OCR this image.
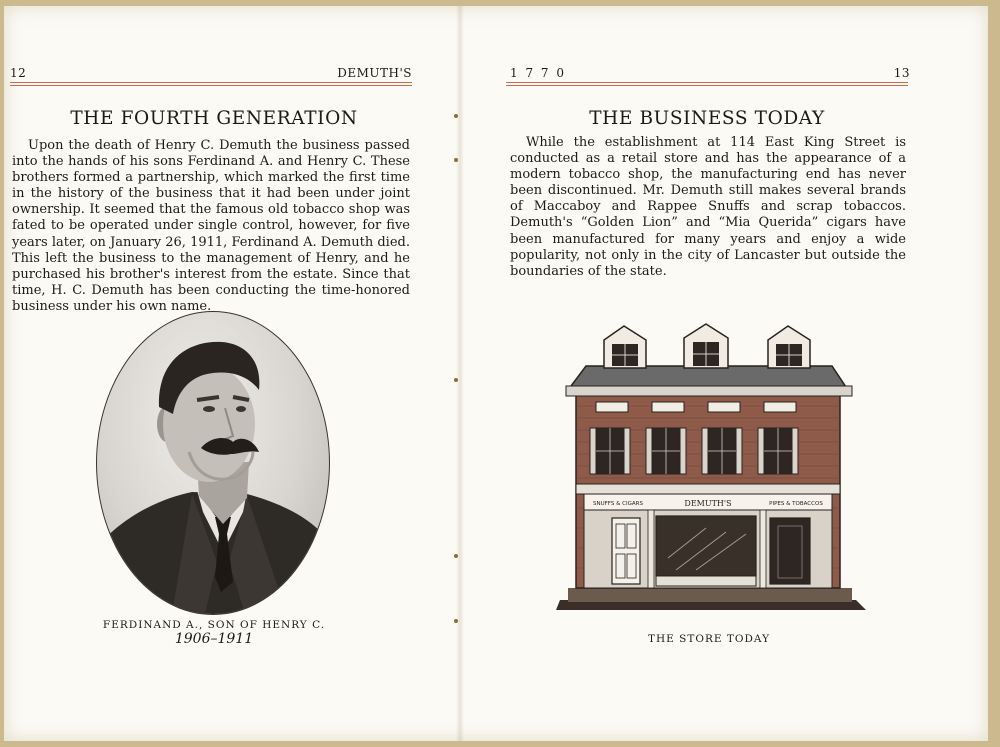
12	DEMUTH'S
THE FOURTH GENERATION

Upon the death of Henry C. Demuth the business passed into the hands of his sons Ferdinand A. and Henry C. These brothers formed a partnership, which marked the first time in the history of the business that it had been under joint ownership. It seemed that the famous old tobacco shop was fated to be operated under single control, however, for five years later, on January 26, 1911, Ferdinand A. Demuth died. This left the business to the management of Henry, and he purchased his brother's interest from the estate. Since that time, H. C. Demuth has been conducting the time-honored business under his own name.

FERDINAND A., SON OF HENRY C.
1906–1911
1 7 7 0	13
THE BUSINESS TODAY

While the establishment at 114 East King Street is conducted as a retail store and has the appearance of a modern tobacco shop, the manufacturing end has never been discontinued. Mr. Demuth still makes several brands of Maccaboy and Rappee Snuffs and scrap tobaccos. Demuth's “Golden Lion” and “Mia Querida” cigars have been manufactured for many years and enjoy a wide popularity, not only in the city of Lancaster but outside the boundaries of the state.

SNUFFS & CIGARS	DEMUTH'S	PIPES & TOBACCOS
THE STORE TODAY
